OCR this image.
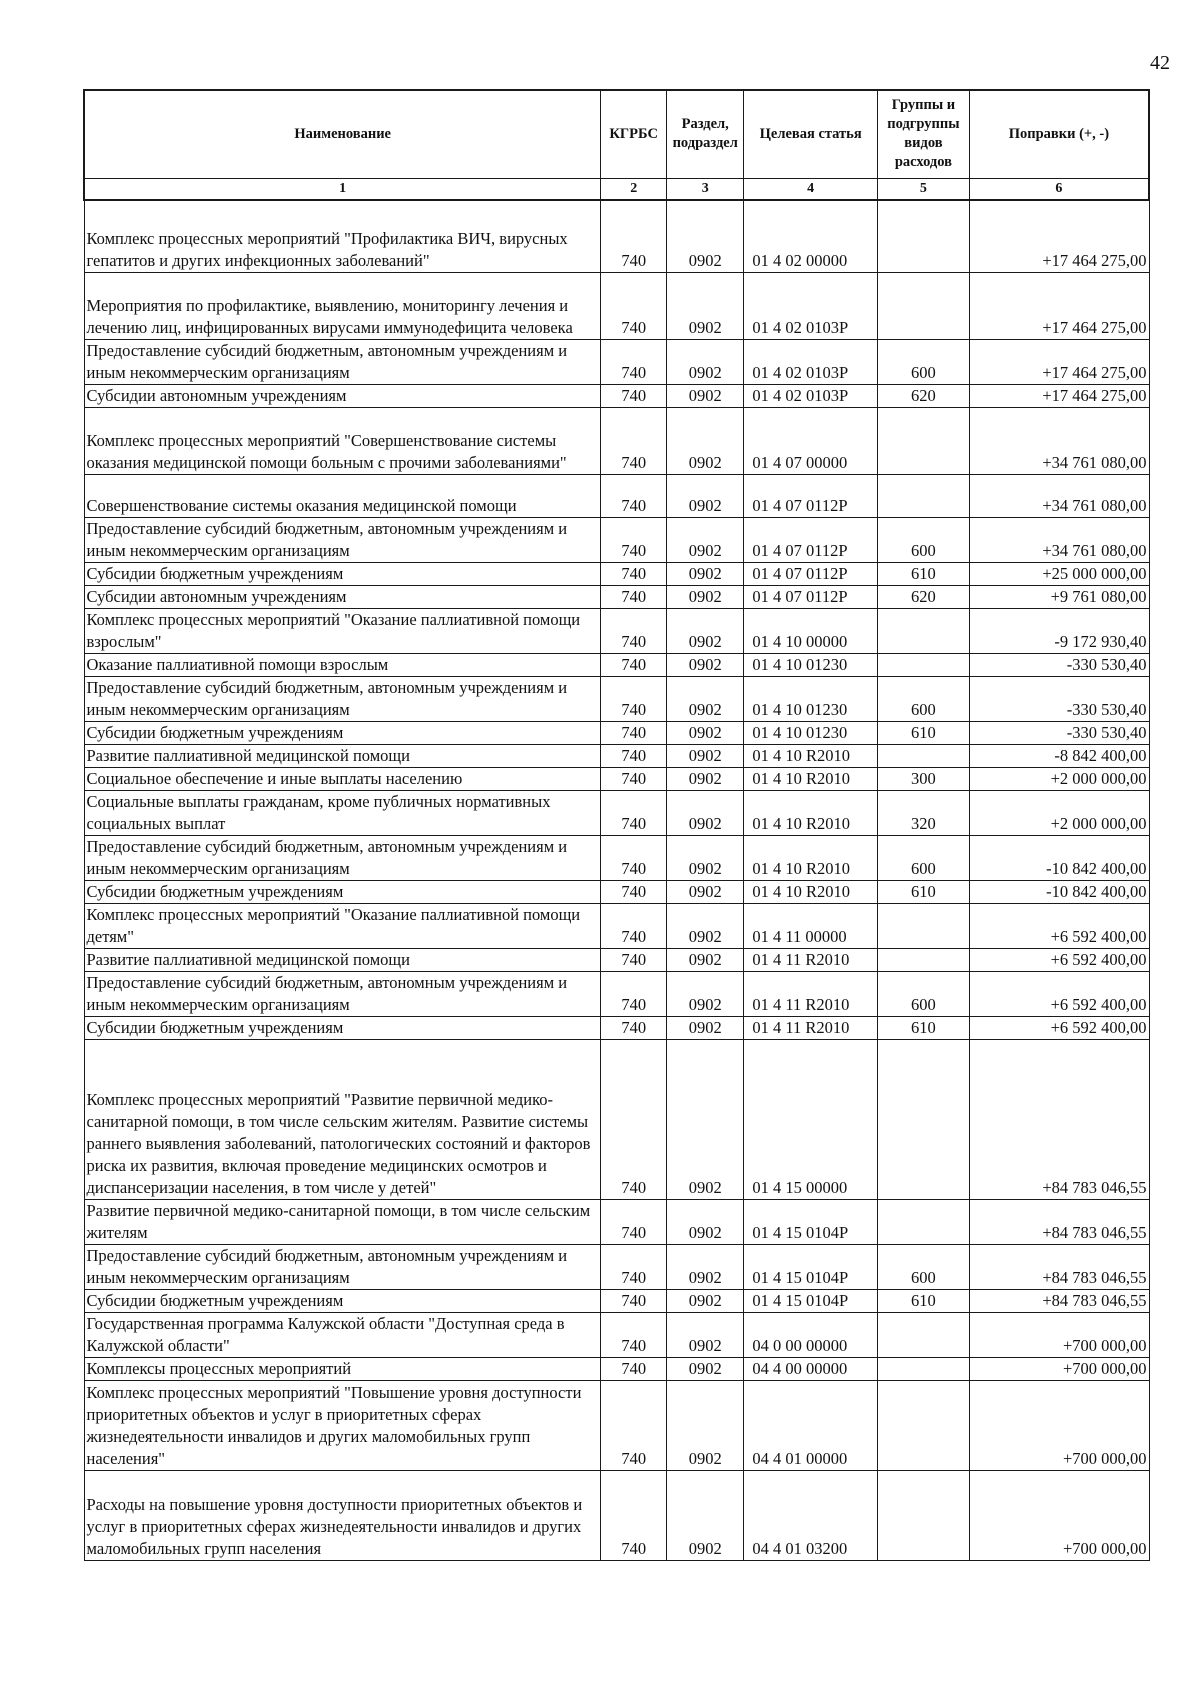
42
Наименование	КГРБС	Раздел, подраздел	Целевая статья	Группы и подгруппы видов расходов	Поправки (+, -)
1	2	3	4	5	6
Комплекс процессных мероприятий "Профилактика ВИЧ, вирусных гепатитов и других инфекционных заболеваний"	740	0902	01 4 02 00000		+17 464 275,00
Мероприятия по профилактике, выявлению, мониторингу лечения и лечению лиц, инфицированных вирусами иммунодефицита человека	740	0902	01 4 02 0103Р		+17 464 275,00
Предоставление субсидий бюджетным, автономным учреждениям и иным некоммерческим организациям	740	0902	01 4 02 0103Р	600	+17 464 275,00
Субсидии автономным учреждениям	740	0902	01 4 02 0103Р	620	+17 464 275,00
Комплекс процессных мероприятий "Совершенствование системы оказания медицинской помощи больным с прочими заболеваниями"	740	0902	01 4 07 00000		+34 761 080,00
Совершенствование системы оказания медицинской помощи	740	0902	01 4 07 0112Р		+34 761 080,00
Предоставление субсидий бюджетным, автономным учреждениям и иным некоммерческим организациям	740	0902	01 4 07 0112Р	600	+34 761 080,00
Субсидии бюджетным учреждениям	740	0902	01 4 07 0112Р	610	+25 000 000,00
Субсидии автономным учреждениям	740	0902	01 4 07 0112Р	620	+9 761 080,00
Комплекс процессных мероприятий "Оказание паллиативной помощи взрослым"	740	0902	01 4 10 00000		-9 172 930,40
Оказание паллиативной помощи взрослым	740	0902	01 4 10 01230		-330 530,40
Предоставление субсидий бюджетным, автономным учреждениям и иным некоммерческим организациям	740	0902	01 4 10 01230	600	-330 530,40
Субсидии бюджетным учреждениям	740	0902	01 4 10 01230	610	-330 530,40
Развитие паллиативной медицинской помощи	740	0902	01 4 10 R2010		-8 842 400,00
Социальное обеспечение и иные выплаты населению	740	0902	01 4 10 R2010	300	+2 000 000,00
Социальные выплаты гражданам, кроме публичных нормативных социальных выплат	740	0902	01 4 10 R2010	320	+2 000 000,00
Предоставление субсидий бюджетным, автономным учреждениям и иным некоммерческим организациям	740	0902	01 4 10 R2010	600	-10 842 400,00
Субсидии бюджетным учреждениям	740	0902	01 4 10 R2010	610	-10 842 400,00
Комплекс процессных мероприятий "Оказание паллиативной помощи детям"	740	0902	01 4 11 00000		+6 592 400,00
Развитие паллиативной медицинской помощи	740	0902	01 4 11 R2010		+6 592 400,00
Предоставление субсидий бюджетным, автономным учреждениям и иным некоммерческим организациям	740	0902	01 4 11 R2010	600	+6 592 400,00
Субсидии бюджетным учреждениям	740	0902	01 4 11 R2010	610	+6 592 400,00
Комплекс процессных мероприятий "Развитие первичной медико-санитарной помощи, в том числе сельским жителям. Развитие системы раннего выявления заболеваний, патологических состояний и факторов риска их развития, включая проведение медицинских осмотров и диспансеризации населения, в том числе у детей"	740	0902	01 4 15 00000		+84 783 046,55
Развитие первичной медико-санитарной помощи, в том числе сельским жителям	740	0902	01 4 15 0104Р		+84 783 046,55
Предоставление субсидий бюджетным, автономным учреждениям и иным некоммерческим организациям	740	0902	01 4 15 0104Р	600	+84 783 046,55
Субсидии бюджетным учреждениям	740	0902	01 4 15 0104Р	610	+84 783 046,55
Государственная программа Калужской области "Доступная среда в Калужской области"	740	0902	04 0 00 00000		+700 000,00
Комплексы процессных мероприятий	740	0902	04 4 00 00000		+700 000,00
Комплекс процессных мероприятий "Повышение уровня доступности приоритетных объектов и услуг в приоритетных сферах жизнедеятельности инвалидов и других маломобильных групп населения"	740	0902	04 4 01 00000		+700 000,00
Расходы на повышение уровня доступности приоритетных объектов и услуг в приоритетных сферах жизнедеятельности инвалидов и других маломобильных групп населения	740	0902	04 4 01 03200		+700 000,00
